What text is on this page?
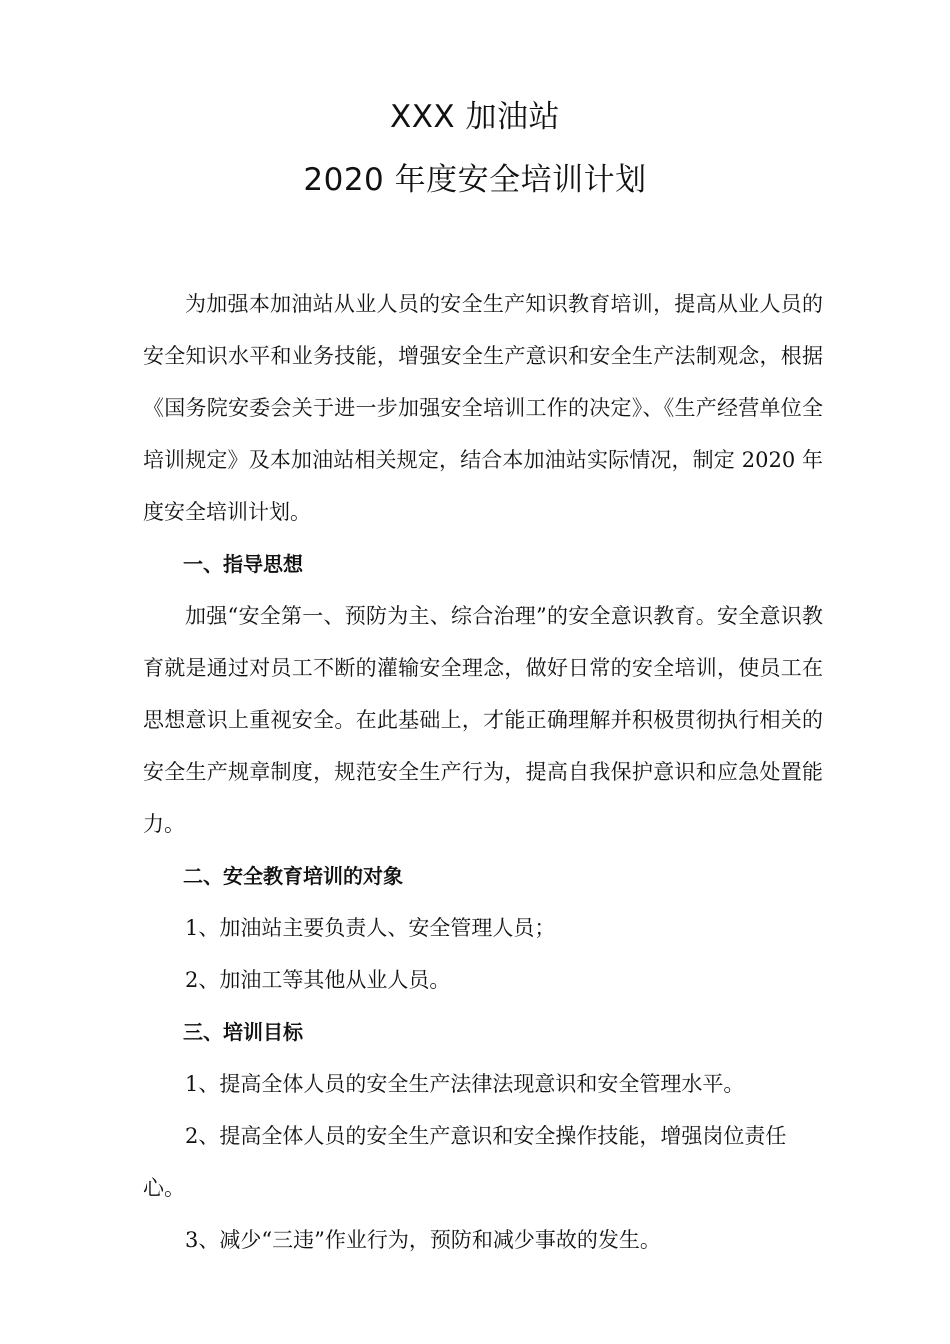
XXX 加油站
2020 年度安全培训计划

为加强本加油站从业人员的安全生产知识教育培训，提高从业人员的安全知识水平和业务技能，增强安全生产意识和安全生产法制观念，根据《国务院安委会关于进一步加强安全培训工作的决定》、《生产经营单位全培训规定》及本加油站相关规定，结合本加油站实际情况，制定 2020 年度安全培训计划。

一、指导思想

加强“安全第一、预防为主、综合治理”的安全意识教育。安全意识教育就是通过对员工不断的灌输安全理念，做好日常的安全培训，使员工在思想意识上重视安全。在此基础上，才能正确理解并积极贯彻执行相关的安全生产规章制度，规范安全生产行为，提高自我保护意识和应急处置能力。

二、安全教育培训的对象

1、加油站主要负责人、安全管理人员；

2、加油工等其他从业人员。

三、培训目标

1、提高全体人员的安全生产法律法现意识和安全管理水平。

2、提高全体人员的安全生产意识和安全操作技能，增强岗位责任心。

3、减少“三违”作业行为，预防和减少事故的发生。
